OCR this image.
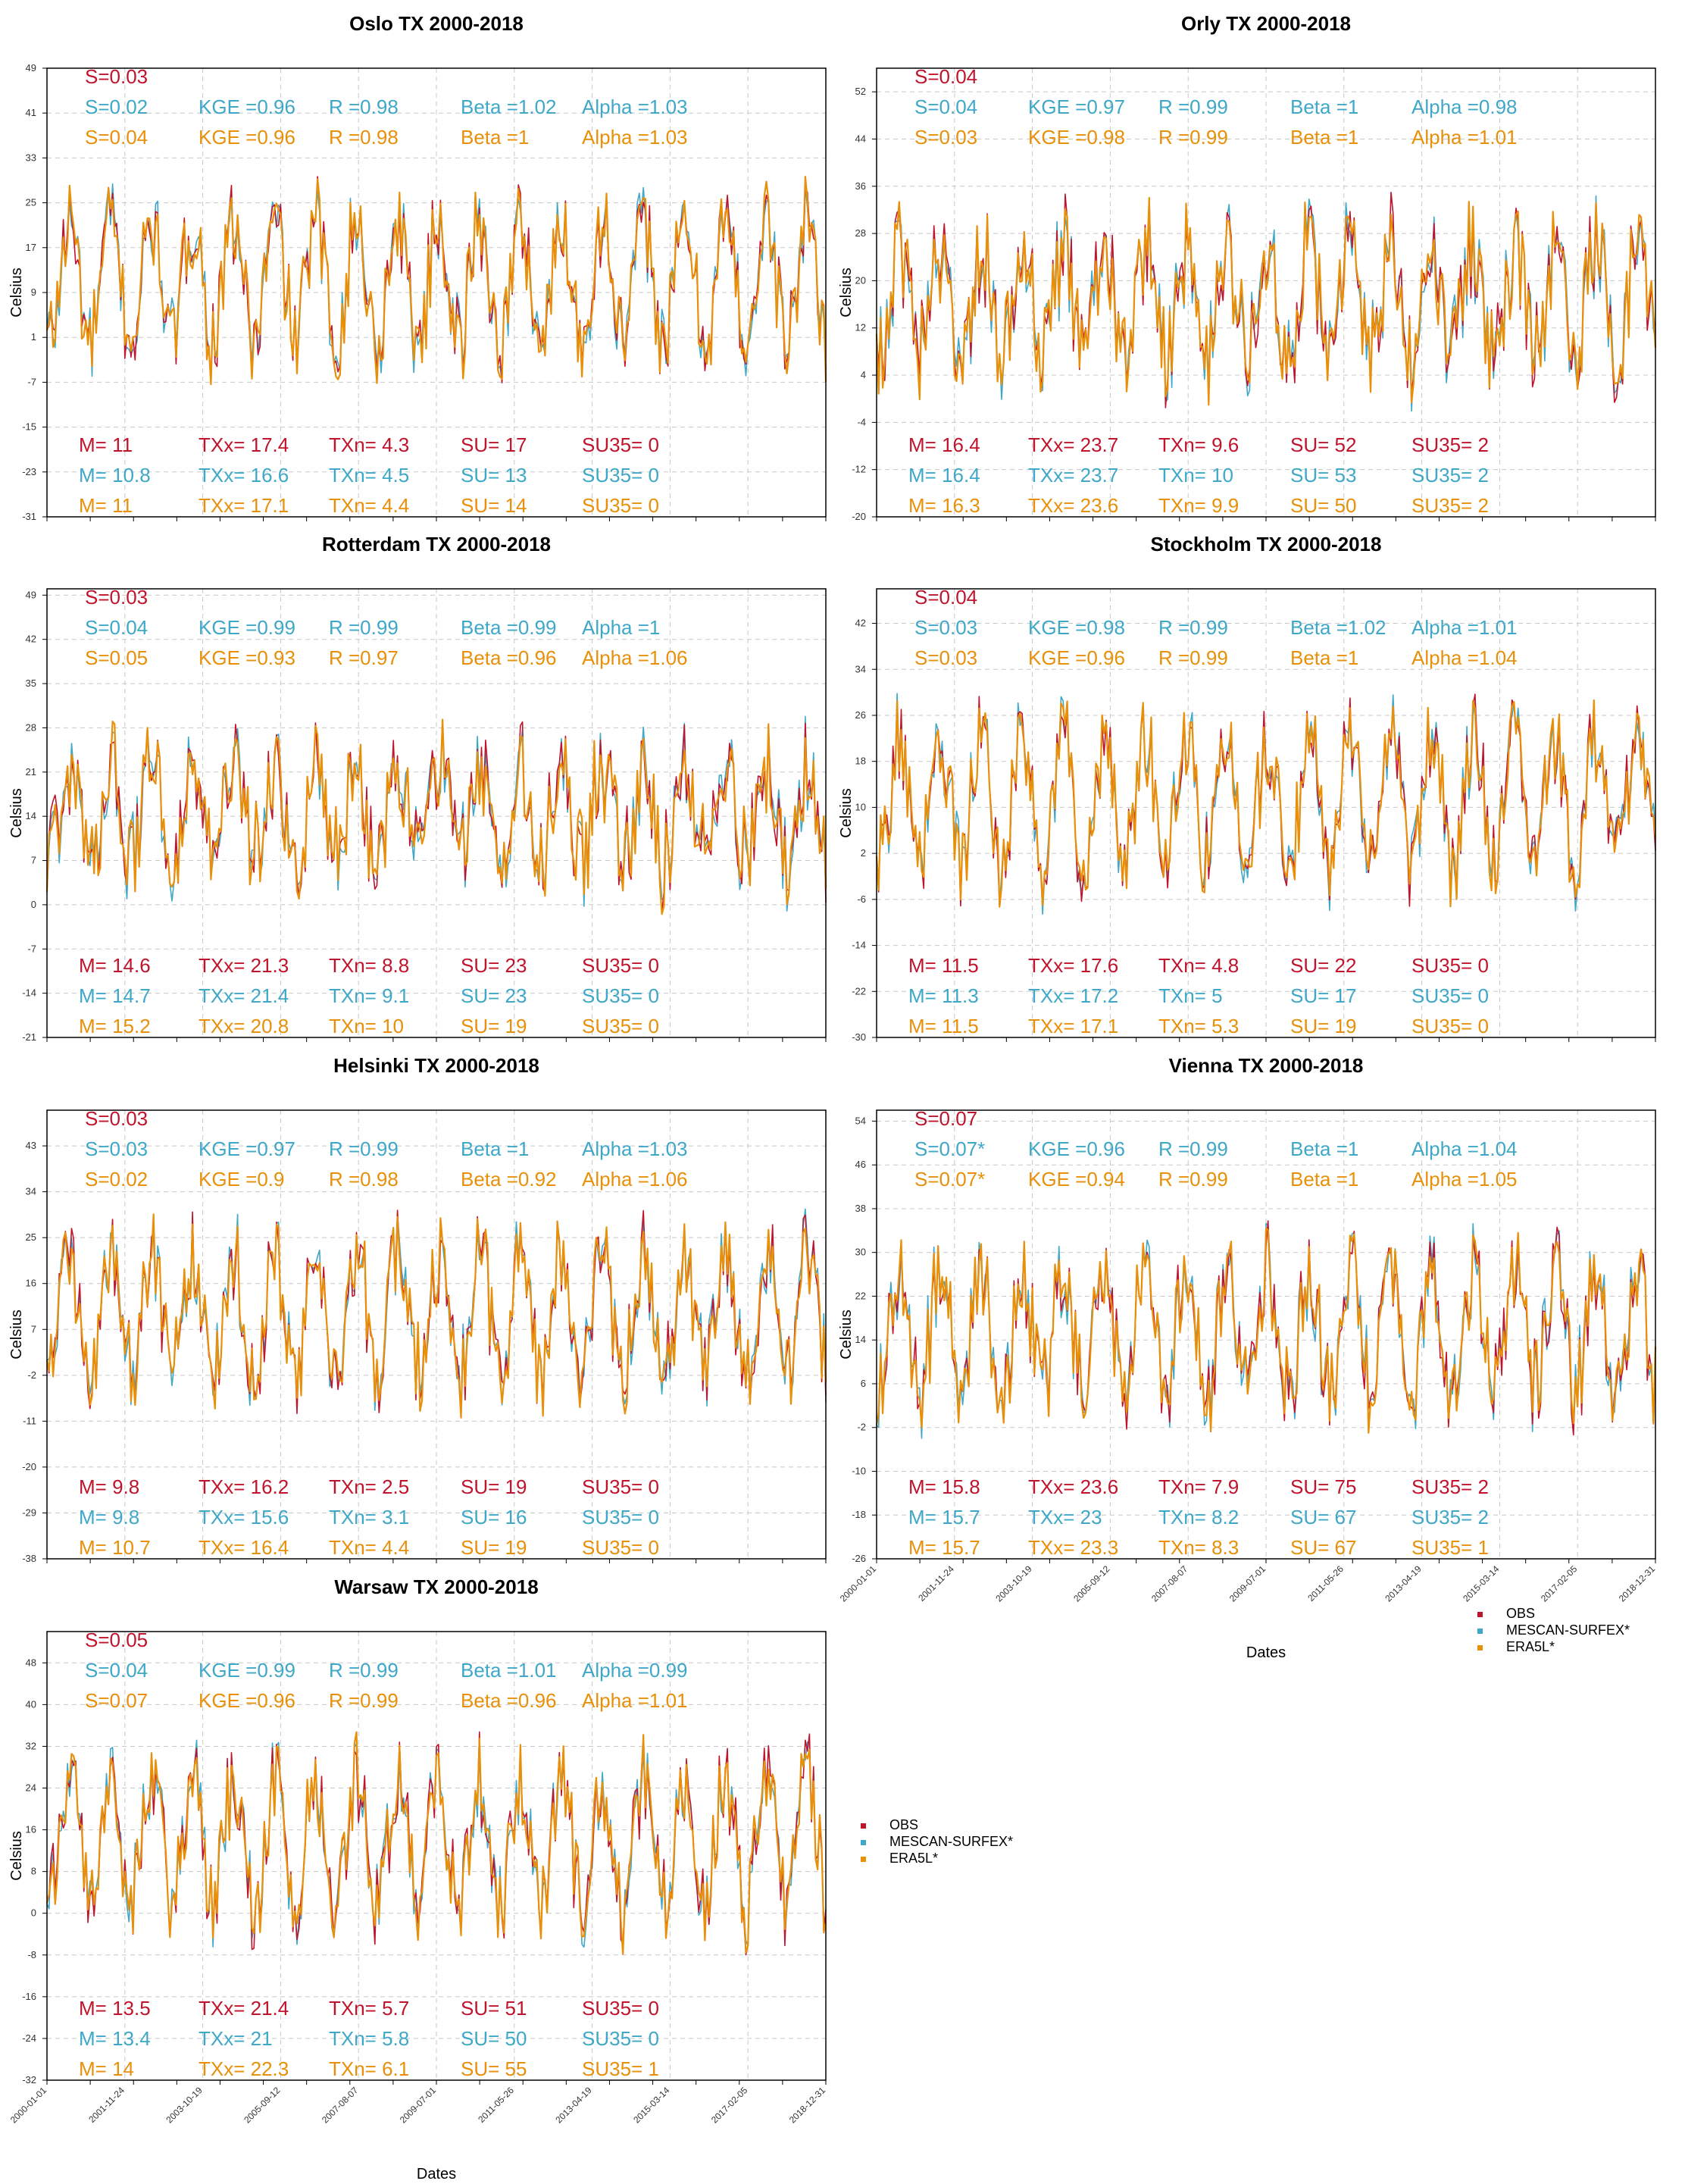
Oslo TX 2000-2018
49
41
33
25
17
9
1
-7
-15
-23
-31
Celsius
S=0.03
S=0.02	KGE =0.96 R =0.98	Beta =1.02 Alpha =1.03
S=0.04	KGE =0.96 R =0.98	Beta =1	Alpha =1.03
M= 11	TXx= 17.4 TXn= 4.3	SU= 17	SU35= 0
M= 10.8 TXx= 16.6 TXn= 4.5	SU= 13	SU35= 0
M= 11	TXx= 17.1 TXn= 4.4	SU= 14	SU35= 0
Orly TX 2000-2018
52
44
36
28
20
12
4
-4
-12
-20
Celsius
S=0.04
S=0.04	KGE =0.97 R =0.99	Beta =1	Alpha =0.98
S=0.03	KGE =0.98 R =0.99	Beta =1	Alpha =1.01
M= 16.4 TXx= 23.7 TXn= 9.6	SU= 52	SU35= 2
M= 16.4 TXx= 23.7 TXn= 10	SU= 53	SU35= 2
M= 16.3 TXx= 23.6 TXn= 9.9	SU= 50	SU35= 2
Rotterdam TX 2000-2018
49
42
35
28
21
14
7
0
-7
-14
-21
Celsius
S=0.03
S=0.04	KGE =0.99 R =0.99	Beta =0.99 Alpha =1
S=0.05	KGE =0.93 R =0.97	Beta =0.96 Alpha =1.06
M= 14.6 TXx= 21.3 TXn= 8.8	SU= 23	SU35= 0
M= 14.7 TXx= 21.4 TXn= 9.1	SU= 23	SU35= 0
M= 15.2 TXx= 20.8 TXn= 10	SU= 19	SU35= 0
Stockholm TX 2000-2018
42
34
26
18
10
2
-6
-14
-22
-30
Celsius
S=0.04
S=0.03	KGE =0.98 R =0.99	Beta =1.02 Alpha =1.01
S=0.03	KGE =0.96 R =0.99	Beta =1	Alpha =1.04
M= 11.5	TXx= 17.6 TXn= 4.8	SU= 22	SU35= 0
M= 11.3	TXx= 17.2 TXn= 5	SU= 17	SU35= 0
M= 11.5	TXx= 17.1 TXn= 5.3	SU= 19	SU35= 0
Helsinki TX 2000-2018
43
34
25
16
7
-2
-11
-20
-29
-38
Celsius
S=0.03
S=0.03	KGE =0.97 R =0.99	Beta =1	Alpha =1.03
S=0.02	KGE =0.9 R =0.98	Beta =0.92 Alpha =1.06
M= 9.8	TXx= 16.2 TXn= 2.5	SU= 19	SU35= 0
M= 9.8	TXx= 15.6 TXn= 3.1	SU= 16	SU35= 0
M= 10.7 TXx= 16.4 TXn= 4.4	SU= 19	SU35= 0
Vienna TX 2000-2018
54
46
38
30
22
14
6
-2
-10
-18
-26
Celsius
S=0.07
S=0.07* KGE =0.96 R =0.99	Beta =1	Alpha =1.04
S=0.07* KGE =0.94 R =0.99	Beta =1	Alpha =1.05
M= 15.8 TXx= 23.6 TXn= 7.9	SU= 75	SU35= 2
M= 15.7 TXx= 23	TXn= 8.2	SU= 67	SU35= 2
M= 15.7 TXx= 23.3 TXn= 8.3	SU= 67	SU35= 1
2000-01-01	2001-11-24	2003-10-19	2005-09-12	2007-08-07	2009-07-01	2011-05-26	2013-04-19	2015-03-14	2017-02-05	2018-12-31
Dates
Warsaw TX 2000-2018
48
40
32
24
16
8
0
-8
-16
-24
-32
Celsius
S=0.05
S=0.04	KGE =0.99 R =0.99	Beta =1.01 Alpha =0.99
S=0.07	KGE =0.96 R =0.99	Beta =0.96 Alpha =1.01
M= 13.5 TXx= 21.4 TXn= 5.7	SU= 51	SU35= 0
M= 13.4 TXx= 21	TXn= 5.8	SU= 50	SU35= 0
M= 14	TXx= 22.3 TXn= 6.1	SU= 55	SU35= 1
2000-01-01	2001-11-24	2003-10-19	2005-09-12	2007-08-07	2009-07-01	2011-05-26	2013-04-19	2015-03-14	2017-02-05	2018-12-31
Dates
OBS
MESCAN-SURFEX*
ERA5L*
OBS
MESCAN-SURFEX*
ERA5L*
